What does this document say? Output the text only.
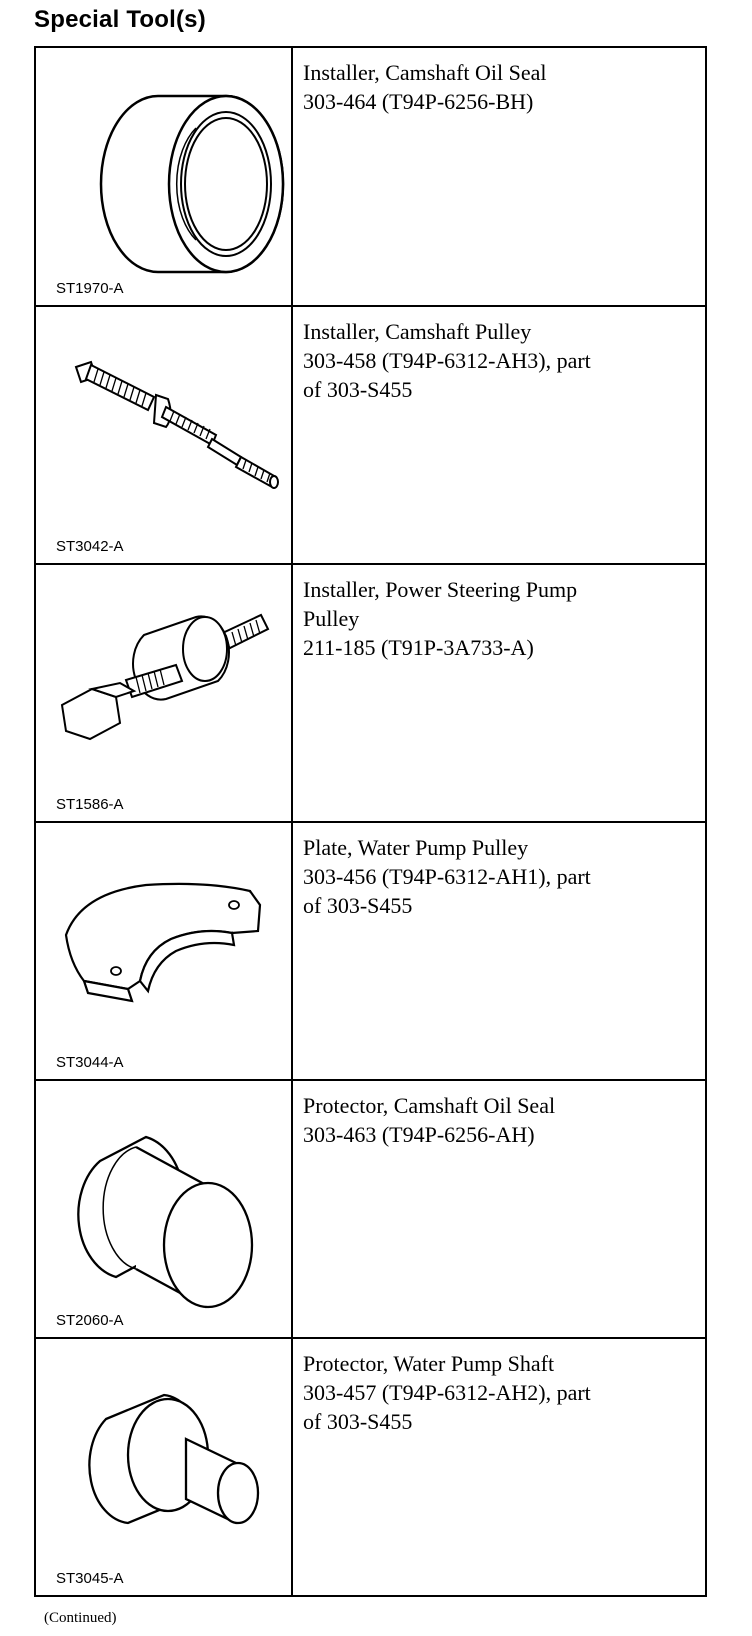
Special Tool(s)
ST1970-A	Installer, Camshaft Oil Seal
303-464 (T94P-6256-BH)

ST3042-A	Installer, Camshaft Pulley
303-458 (T94P-6312-AH3), part
of 303-S455

ST1586-A	Installer, Power Steering Pump
Pulley
211-185 (T91P-3A733-A)

ST3044-A	Plate, Water Pump Pulley
303-456 (T94P-6312-AH1), part
of 303-S455

ST2060-A	Protector, Camshaft Oil Seal
303-463 (T94P-6256-AH)

ST3045-A	Protector, Water Pump Shaft
303-457 (T94P-6312-AH2), part
of 303-S455
(Continued)
